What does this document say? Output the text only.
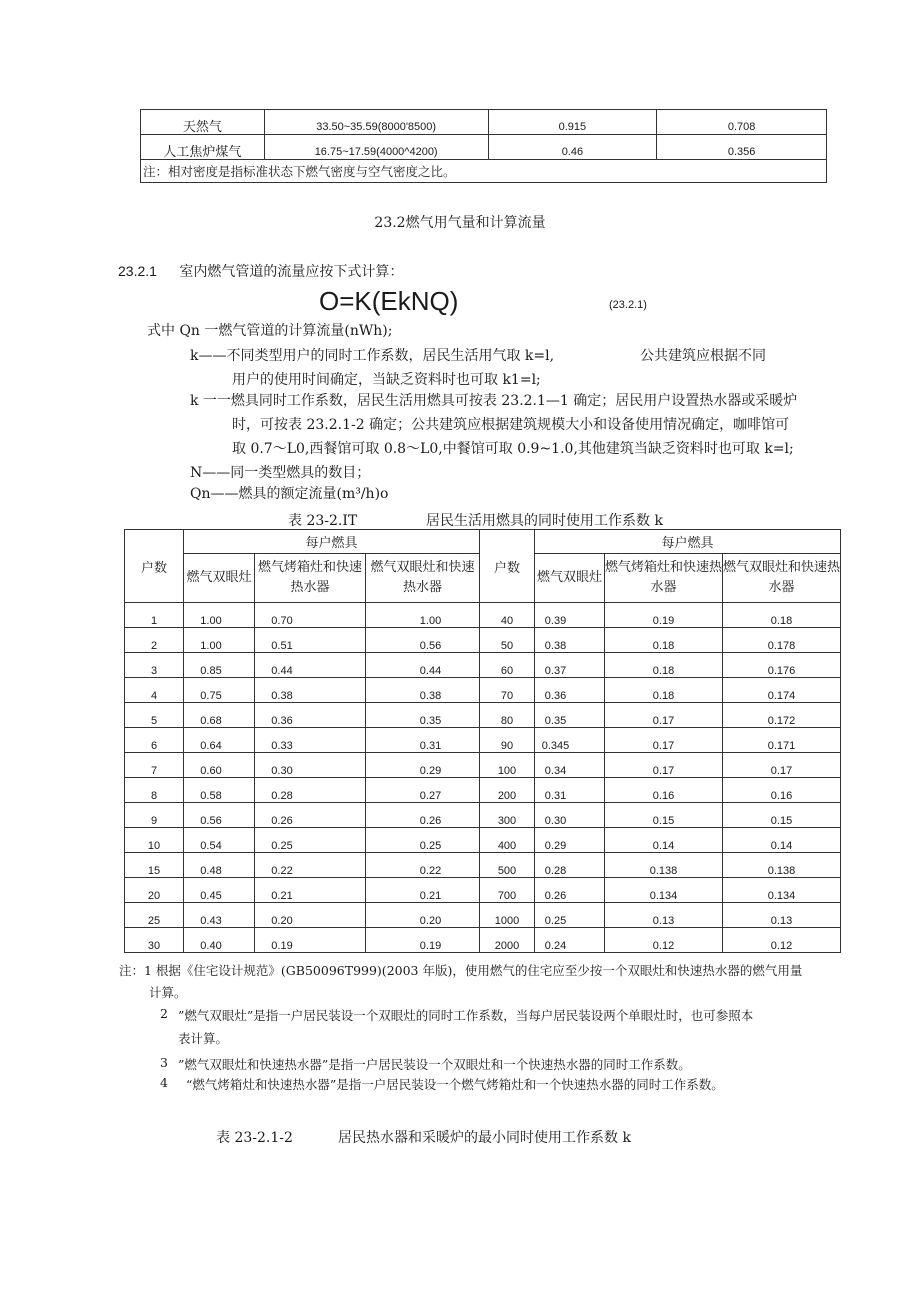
天然气	33.50~35.59(8000'8500)	0.915	0.708
人工焦炉煤气	16.75~17.59(4000^4200)	0.46	0.356
注：相对密度是指标准状态下燃气密度与空气密度之比。			
23.2燃气用气量和计算流量
23.2.1 室内燃气管道的流量应按下式计算：
O=K(EkNQ)	(23.2.1)
式中 Qn 一燃气管道的计算流量(nWh);
k——不同类型用户的同时工作系数，居民生活用气取 k=l,	公共建筑应根据不同
用户的使用时间确定，当缺乏资料时也可取 k1=l;
k 一一燃具同时工作系数，居民生活用燃具可按表 23.2.1—1 确定；居民用户设置热水器或采暖炉
时，可按表 23.2.1-2 确定；公共建筑应根据建筑规模大小和设备使用情况确定，咖啡馆可
取 0.7～L0,西餐馆可取 0.8～L0,中餐馆可取 0.9~1.0,其他建筑当缺乏资料时也可取 k=l;
N——同一类型燃具的数目；
Qn——燃具的额定流量(m³/h)o
表 23-2.IT	居民生活用燃具的同时使用工作系数 k
户数	每户燃具			户数	每户燃具		
	燃气双眼灶	燃气烤箱灶和快速热水器	燃气双眼灶和快速热水器		燃气双眼灶	燃气烤箱灶和快速热水器	燃气双眼灶和快速热水器
1	1.00	0.70	1.00	40	0.39	0.19	0.18
2	1.00	0.51	0.56	50	0.38	0.18	0.178
3	0.85	0.44	0.44	60	0.37	0.18	0.176
4	0.75	0.38	0.38	70	0.36	0.18	0.174
5	0.68	0.36	0.35	80	0.35	0.17	0.172
6	0.64	0.33	0.31	90	0.345	0.17	0.171
7	0.60	0.30	0.29	100	0.34	0.17	0.17
8	0.58	0.28	0.27	200	0.31	0.16	0.16
9	0.56	0.26	0.26	300	0.30	0.15	0.15
10	0.54	0.25	0.25	400	0.29	0.14	0.14
15	0.48	0.22	0.22	500	0.28	0.138	0.138
20	0.45	0.21	0.21	700	0.26	0.134	0.134
25	0.43	0.20	0.20	1000	0.25	0.13	0.13
30	0.40	0.19	0.19	2000	0.24	0.12	0.12
注：1 根据《住宅设计规范》(GB50096T999)(2003 年版)，使用燃气的住宅应至少按一个双眼灶和快速热水器的燃气用量
计算。
2 ”燃气双眼灶”是指一户居民装设一个双眼灶的同时工作系数，当每户居民装设两个单眼灶时，也可参照本
表计算。
3 ”燃气双眼灶和快速热水器”是指一户居民装设一个双眼灶和一个快速热水器的同时工作系数。
4 “燃气烤箱灶和快速热水器”是指一户居民装设一个燃气烤箱灶和一个快速热水器的同时工作系数。
表 23-2.1-2	居民热水器和采暖炉的最小同时使用工作系数 k
